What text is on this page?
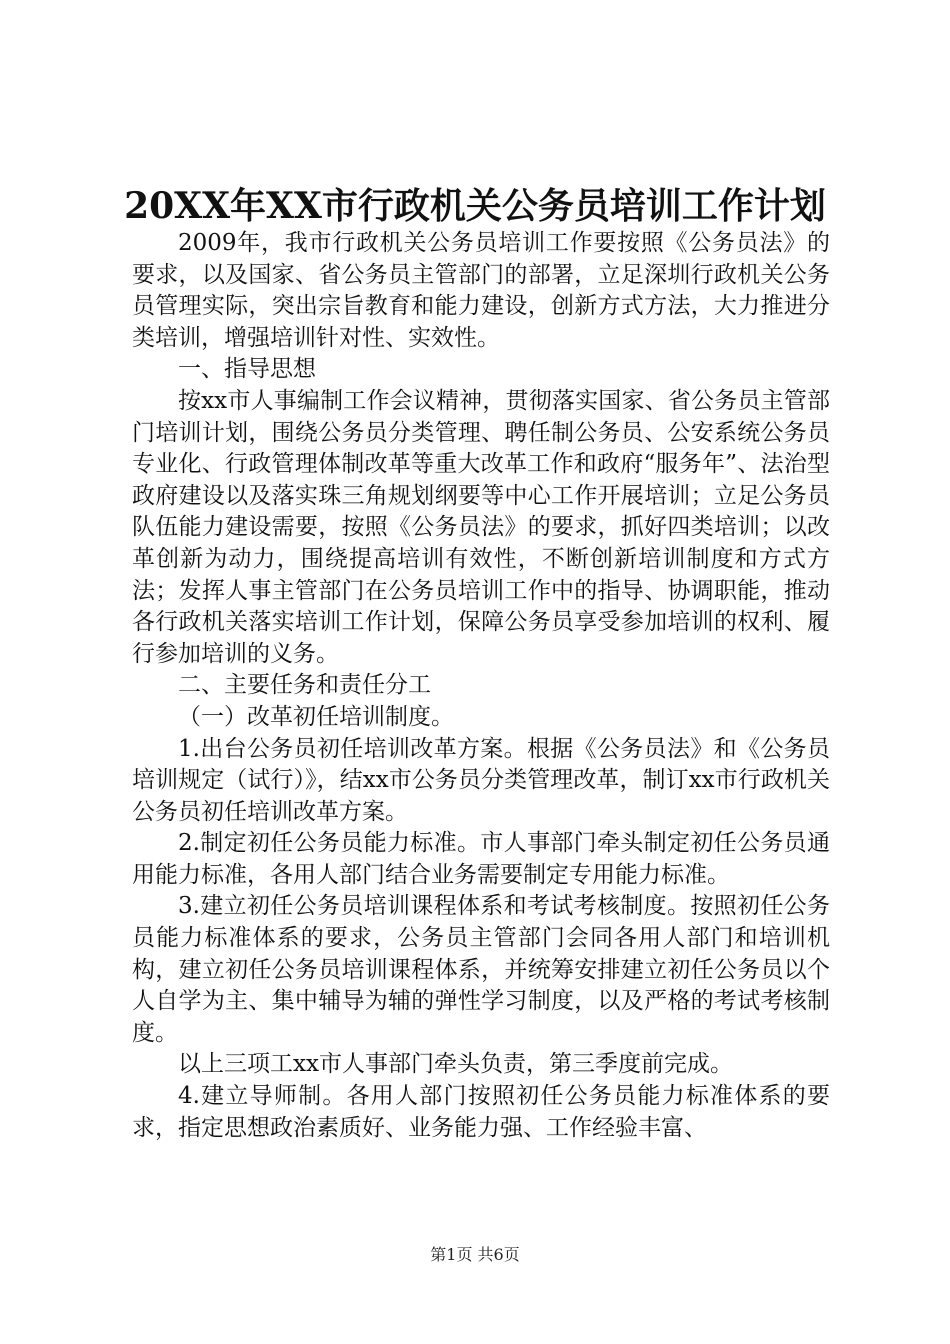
20XX年XX市行政机关公务员培训工作计划

2009年，我市行政机关公务员培训工作要按照《公务员法》的要求，以及国家、省公务员主管部门的部署，立足深圳行政机关公务员管理实际，突出宗旨教育和能力建设，创新方式方法，大力推进分类培训，增强培训针对性、实效性。

一、指导思想

按xx市人事编制工作会议精神，贯彻落实国家、省公务员主管部门培训计划，围绕公务员分类管理、聘任制公务员、公安系统公务员专业化、行政管理体制改革等重大改革工作和政府“服务年”、法治型政府建设以及落实珠三角规划纲要等中心工作开展培训；立足公务员队伍能力建设需要，按照《公务员法》的要求，抓好四类培训；以改革创新为动力，围绕提高培训有效性，不断创新培训制度和方式方法；发挥人事主管部门在公务员培训工作中的指导、协调职能，推动各行政机关落实培训工作计划，保障公务员享受参加培训的权利、履行参加培训的义务。

二、主要任务和责任分工

（一）改革初任培训制度。

1.出台公务员初任培训改革方案。根据《公务员法》和《公务员培训规定（试行）》，结xx市公务员分类管理改革，制订xx市行政机关公务员初任培训改革方案。

2.制定初任公务员能力标准。市人事部门牵头制定初任公务员通用能力标准，各用人部门结合业务需要制定专用能力标准。

3.建立初任公务员培训课程体系和考试考核制度。按照初任公务员能力标准体系的要求，公务员主管部门会同各用人部门和培训机构，建立初任公务员培训课程体系，并统筹安排建立初任公务员以个人自学为主、集中辅导为辅的弹性学习制度，以及严格的考试考核制度。

以上三项工xx市人事部门牵头负责，第三季度前完成。

4.建立导师制。各用人部门按照初任公务员能力标准体系的要求，指定思想政治素质好、业务能力强、工作经验丰富、

第1页 共6页
